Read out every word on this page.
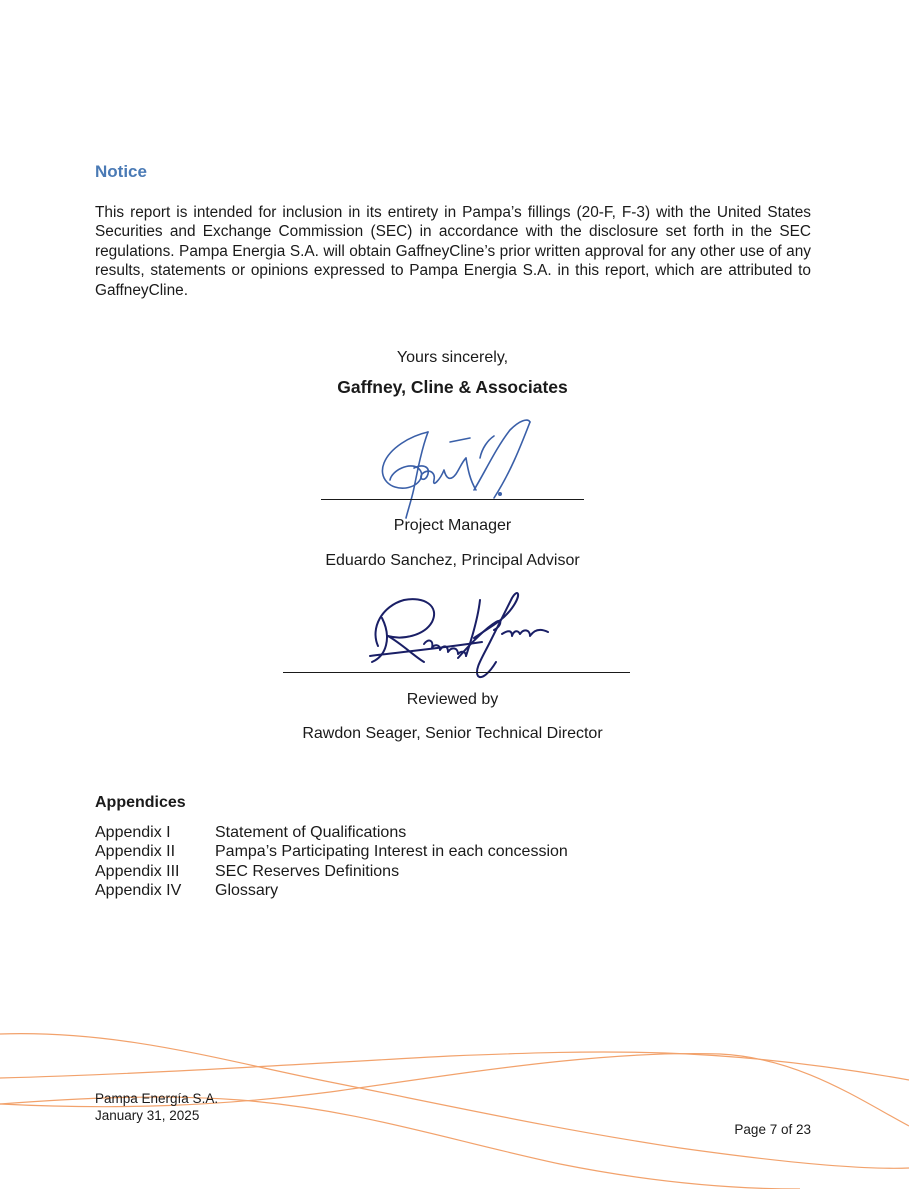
Notice

This report is intended for inclusion in its entirety in Pampa’s fillings (20-F, F-3) with the United States Securities and Exchange Commission (SEC) in accordance with the disclosure set forth in the SEC regulations. Pampa Energia S.A. will obtain GaffneyCline’s prior written approval for any other use of any results, statements or opinions expressed to Pampa Energia S.A. in this report, which are attributed to GaffneyCline.

Yours sincerely,
Gaffney, Cline & Associates
Project Manager
Eduardo Sanchez, Principal Advisor
Reviewed by
Rawdon Seager, Senior Technical Director
Appendices
Appendix I	Statement of Qualifications
Appendix II	Pampa’s Participating Interest in each concession
Appendix III	SEC Reserves Definitions
Appendix IV	Glossary
Pampa Energía S.A.
January 31, 2025
Page 7 of 23
